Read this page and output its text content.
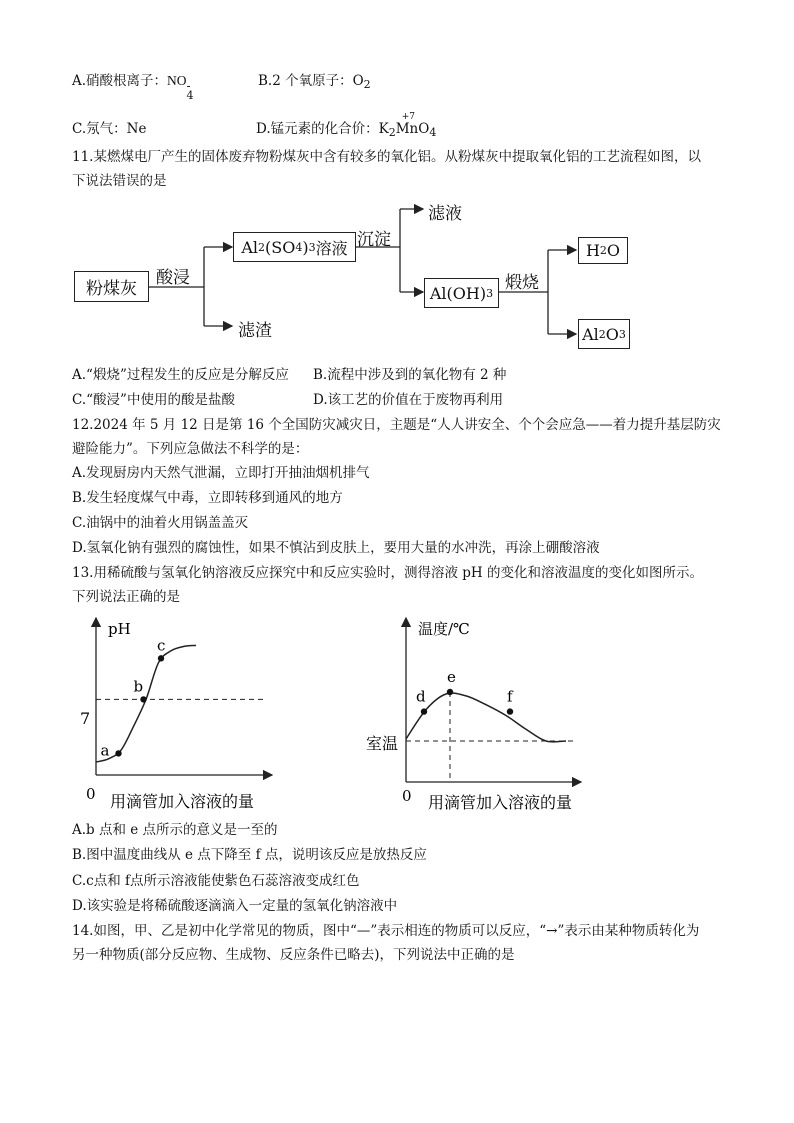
A.硝酸根离子：NO -
4
B.2 个氧原子：$O_2$
C.氖气：Ne	D.锰元素的化合价：$K_2$
+7
MnO$_4$
11.某燃煤电厂产生的固体废弃物粉煤灰中含有较多的氧化铝。从粉煤灰中提取氧化铝的工艺流程如图，以
下说法错误的是
粉煤灰
酸浸
Al 2 (SO 4 ) 3 溶液
滤渣
沉淀
滤液
Al(OH) 3 煅烧
H 2 O
Al 2 O 3
A.“煅烧”过程发生的反应是分解反应 B.流程中涉及到的氧化物有 2 种
C.“酸浸”中使用的酸是盐酸	D.该工艺的价值在于废物再利用
12.2024 年 5 月 12 日是第 16 个全国防灾减灾日，主题是“人人讲安全、个个会应急——着力提升基层防灾
避险能力”。下列应急做法不科学的是：
A.发现厨房内天然气泄漏，立即打开抽油烟机排气
B.发生轻度煤气中毒，立即转移到通风的地方
C.油锅中的油着火用锅盖盖灭
D.氢氧化钠有强烈的腐蚀性，如果不慎沾到皮肤上，要用大量的水冲洗，再涂上硼酸溶液
13.用稀硫酸与氢氧化钠溶液反应探究中和反应实验时，测得溶液 pH 的变化和溶液温度的变化如图所示。
下列说法正确的是
pH
0 用滴管加入溶液的量
7
a
b
c
温度/℃
0 用滴管加入溶液的量
室温
d
e
f
A.b 点和 e 点所示的意义是一至的
B.图中温度曲线从 e 点下降至 f 点，说明该反应是放热反应
C.c点和 f点所示溶液能使紫色石蕊溶液变成红色
D.该实验是将稀硫酸逐滴滴入一定量的氢氧化钠溶液中
14.如图，甲、乙是初中化学常见的物质，图中“—”表示相连的物质可以反应，“→”表示由某种物质转化为
另一种物质(部分反应物、生成物、反应条件已略去)，下列说法中正确的是
